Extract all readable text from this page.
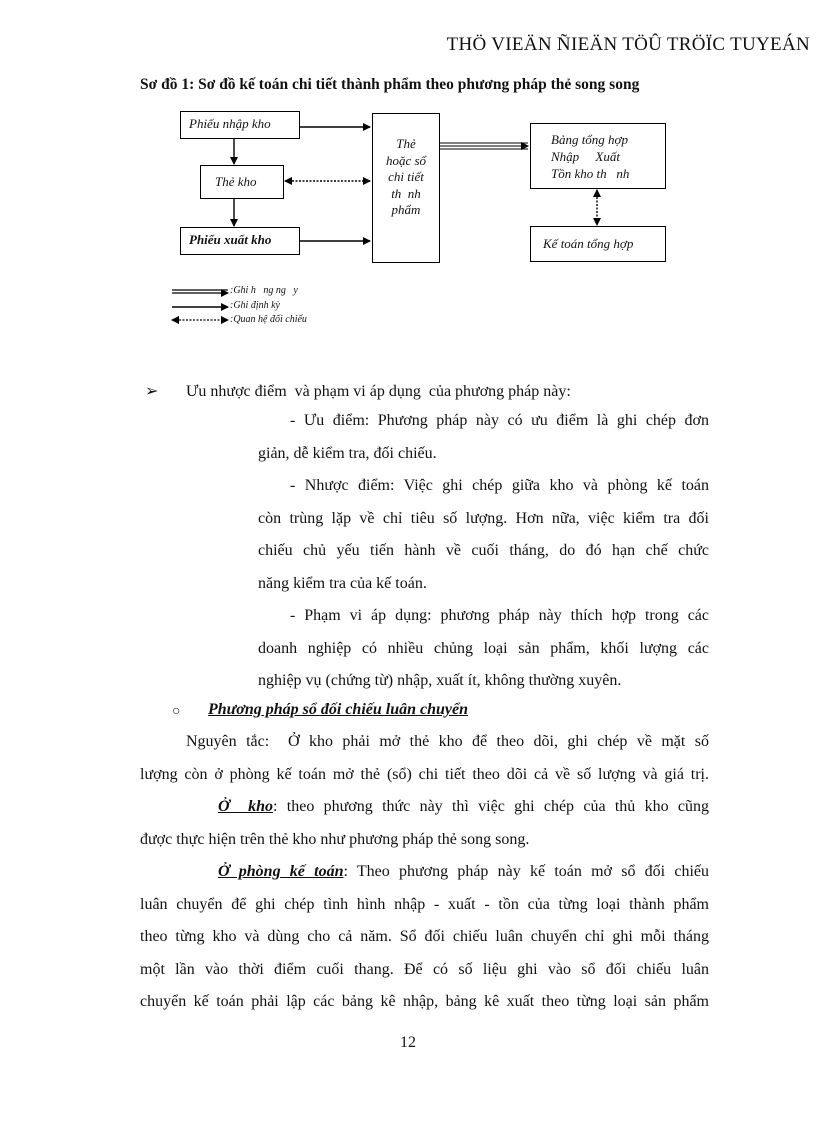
THÖ VIEÄN ÑIEÄN TÖÛ TRÖÏC TUYEÁN
Sơ đồ 1: Sơ đồ kế toán chi tiết thành phẩm theo phương pháp thẻ song song
Phiếu nhập kho
Thẻ kho
Phiếu xuất kho
Thẻ
hoặc sổ
chi tiết
th  nh
phẩm
Bảng tổng hợp
Nhập     Xuất
Tồn kho th   nh
Kế toán tổng hợp
:Ghi h   ng ng   y
:Ghi định kỳ
:Quan hệ đối chiếu
➢ Ưu nhược điểm  và phạm vi áp dụng  của phương pháp này:
- Ưu điểm: Phương pháp này có ưu điểm là ghi chép đơn
giản, dễ kiểm tra, đối chiếu.
- Nhược điểm: Việc ghi chép giữa kho và phòng kế toán
còn trùng lặp về chỉ tiêu số lượng. Hơn nữa, việc kiểm tra đối
chiếu chủ yếu tiến hành về cuối tháng, do đó hạn chế chức
năng kiểm tra của kế toán.
- Phạm vi áp dụng: phương pháp này thích hợp trong các
doanh nghiệp có nhiều chủng loại sản phẩm, khối lượng các
nghiệp vụ (chứng từ) nhập, xuất ít, không thường xuyên.
○ Phương pháp sổ đối chiếu luân chuyển
Nguyên tắc:  Ở kho phải mở thẻ kho để theo dõi, ghi chép về mặt số
lượng còn ở phòng kế toán mở thẻ (sổ) chi tiết theo dõi cả về số lượng và giá trị.
Ở  kho: theo phương thức này thì việc ghi chép của thủ kho cũng
được thực hiện trên thẻ kho như phương pháp thẻ song song.
Ở phòng kế toán: Theo phương pháp này kế toán mở sổ đối chiếu
luân chuyển để ghi chép tình hình nhập - xuất - tồn của từng loại thành phẩm
theo từng kho và dùng cho cả năm. Sổ đối chiếu luân chuyển chỉ ghi mỗi tháng
một lần vào thời điểm cuối thang. Để có số liệu ghi vào sổ đối chiếu luân
chuyển kế toán phải lập các bảng kê nhập, bảng kê xuất theo từng loại sản phẩm
12
